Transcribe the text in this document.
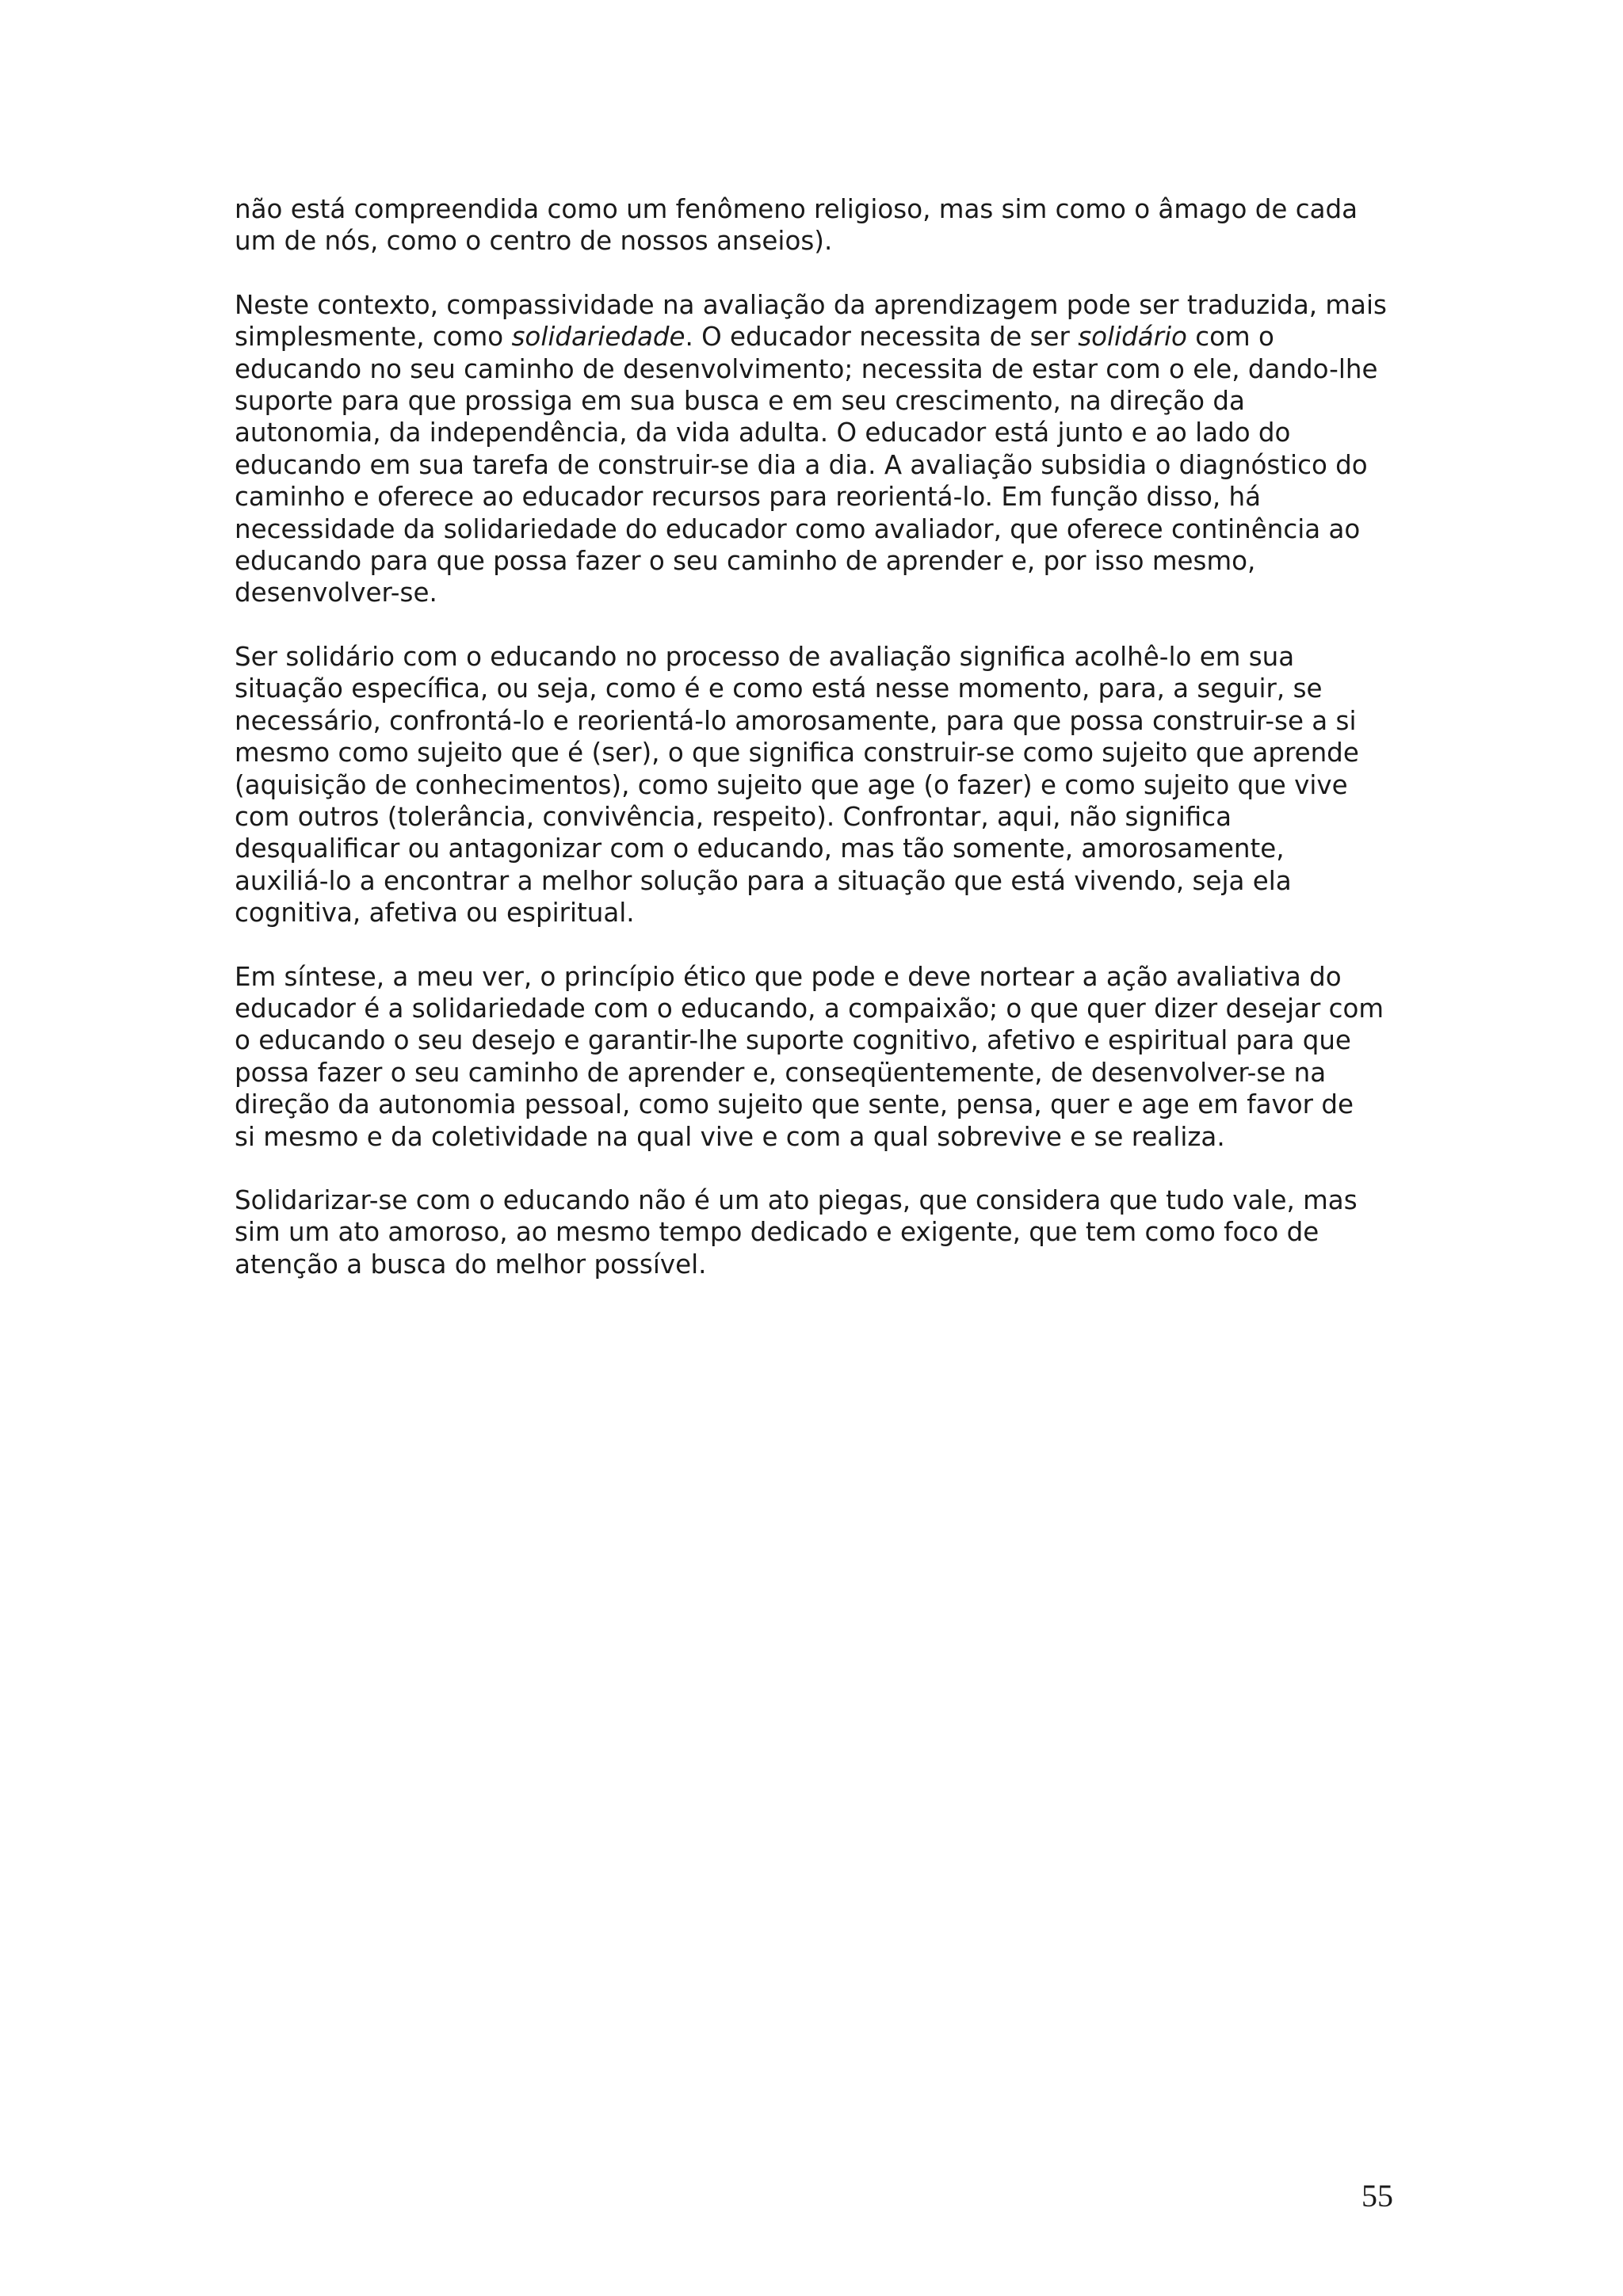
não está compreendida como um fenômeno religioso, mas sim como o âmago de cada
um de nós, como o centro de nossos anseios).

Neste contexto, compassividade na avaliação da aprendizagem pode ser traduzida, mais
simplesmente, como solidariedade. O educador necessita de ser solidário com o
educando no seu caminho de desenvolvimento; necessita de estar com o ele, dando-lhe
suporte para que prossiga em sua busca e em seu crescimento, na direção da
autonomia, da independência, da vida adulta. O educador está junto e ao lado do
educando em sua tarefa de construir-se dia a dia. A avaliação subsidia o diagnóstico do
caminho e oferece ao educador recursos para reorientá-lo. Em função disso, há
necessidade da solidariedade do educador como avaliador, que oferece continência ao
educando para que possa fazer o seu caminho de aprender e, por isso mesmo,
desenvolver-se.

Ser solidário com o educando no processo de avaliação significa acolhê-lo em sua
situação específica, ou seja, como é e como está nesse momento, para, a seguir, se
necessário, confrontá-lo e reorientá-lo amorosamente, para que possa construir-se a si
mesmo como sujeito que é (ser), o que significa construir-se como sujeito que aprende
(aquisição de conhecimentos), como sujeito que age (o fazer) e como sujeito que vive
com outros (tolerância, convivência, respeito). Confrontar, aqui, não significa
desqualificar ou antagonizar com o educando, mas tão somente, amorosamente,
auxiliá-lo a encontrar a melhor solução para a situação que está vivendo, seja ela
cognitiva, afetiva ou espiritual.

Em síntese, a meu ver, o princípio ético que pode e deve nortear a ação avaliativa do
educador é a solidariedade com o educando, a compaixão; o que quer dizer desejar com
o educando o seu desejo e garantir-lhe suporte cognitivo, afetivo e espiritual para que
possa fazer o seu caminho de aprender e, conseqüentemente, de desenvolver-se na
direção da autonomia pessoal, como sujeito que sente, pensa, quer e age em favor de
si mesmo e da coletividade na qual vive e com a qual sobrevive e se realiza.

Solidarizar-se com o educando não é um ato piegas, que considera que tudo vale, mas
sim um ato amoroso, ao mesmo tempo dedicado e exigente, que tem como foco de
atenção a busca do melhor possível.

55
